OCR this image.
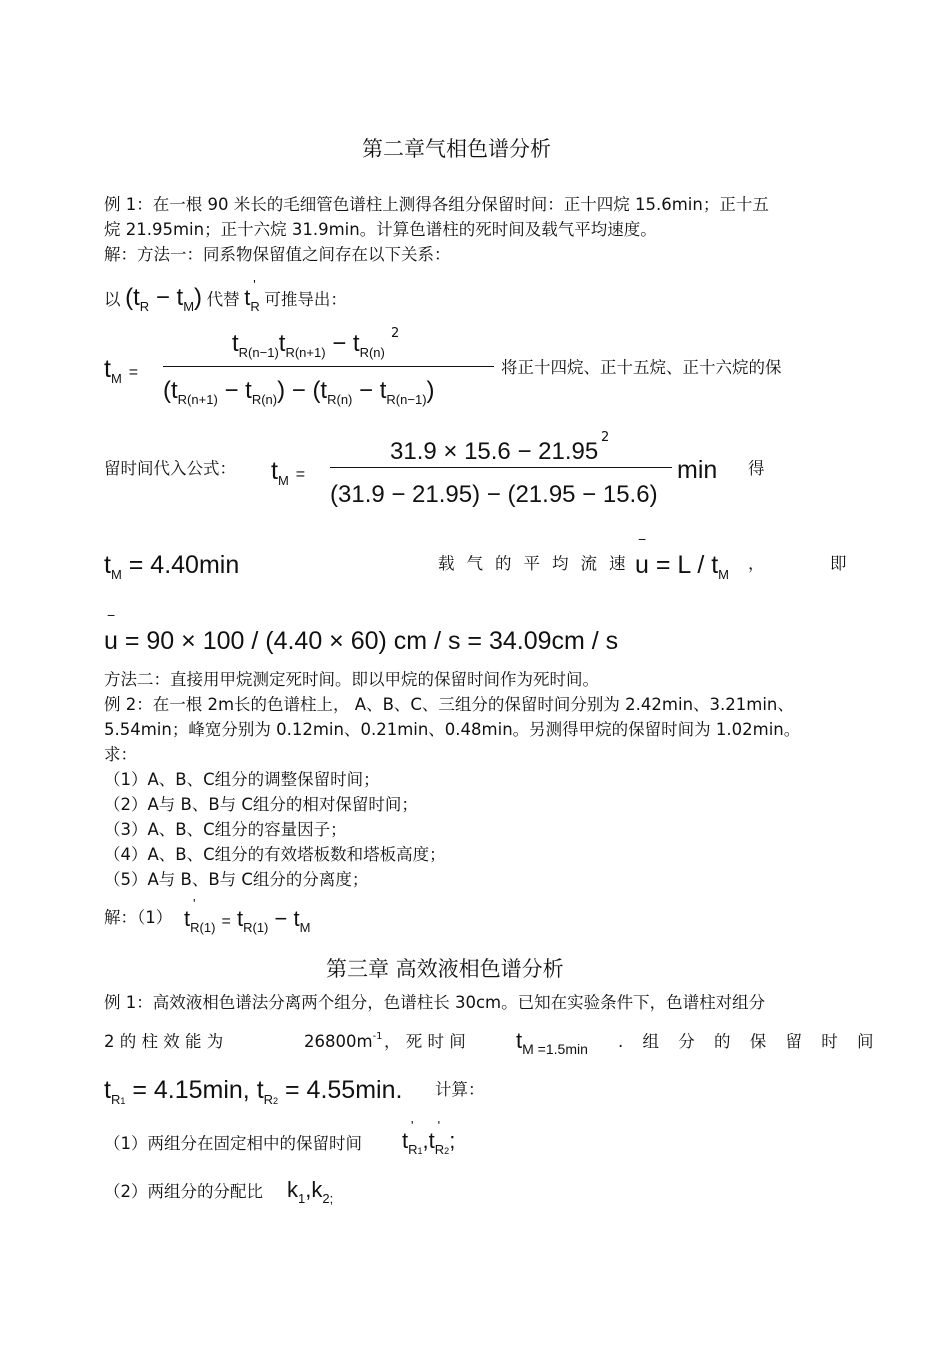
第二章气相色谱分析
例 1：在一根 90 米长的毛细管色谱柱上测得各组分保留时间：正十四烷 15.6min；正十五
烷 21.95min；正十六烷 31.9min。计算色谱柱的死时间及载气平均速度。
解：方法一：同系物保留值之间存在以下关系：
以 $(t_R - t_M)$ 代替 t
'
$_R$ 可推导出：
$t_M$ =
$t_{R(n-1)}t_{R(n+1)} - t_{R(n)}$
2
$(t_{R(n+1)} - t_{R(n)}) - (t_{R(n)} - t_{R(n-1)})$
将正十四烷、正十五烷、正十六烷的保
留时间代入公式： $t_M$ =
31.9 × 15.6 − 21.95
2
(31.9 − 21.95) − (21.95 − 15.6)
min 得
$t_M = 4.40\min$	载气的平均流速
u
−
= L / $t_M$
，	即
u
−
= 90 × 100 / (4.40 × 60) cm / s = 34.09cm / s
方法二：直接用甲烷测定死时间。即以甲烷的保留时间作为死时间。
例 2：在一根 2m长的色谱柱上， A、B、C、三组分的保留时间分别为 2.42min、3.21min、
5.54min；峰宽分别为 0.12min、0.21min、0.48min。另测得甲烷的保留时间为 1.02min。
求：
（1）A、B、C组分的调整保留时间；
（2）A与 B、B与 C组分的相对保留时间；
（3）A、B、C组分的容量因子；
（4）A、B、C组分的有效塔板数和塔板高度；
（5）A与 B、B与 C组分的分离度；
解：（1） t
'
$_{R(1)} = t_{R(1)} - t_M$
第三章 高效液相色谱分析
例 1：高效液相色谱法分离两个组分，色谱柱长 30cm。已知在实验条件下，色谱柱对组分
2 的 柱 效 能 为	$26800m^{-1}$ ， 死 时 间 $t_{M =1.5min}$ . 组 分 的 保 留 时 间
$t_{R1} = 4.15\min$, $t_{R2} = 4.55\min$. 计算：
（1）两组分在固定相中的保留时间 t
'
$_{R1}$,t
'
$_{R2}$;
（2）两组分的分配比 $k_1,k_{2;}$
